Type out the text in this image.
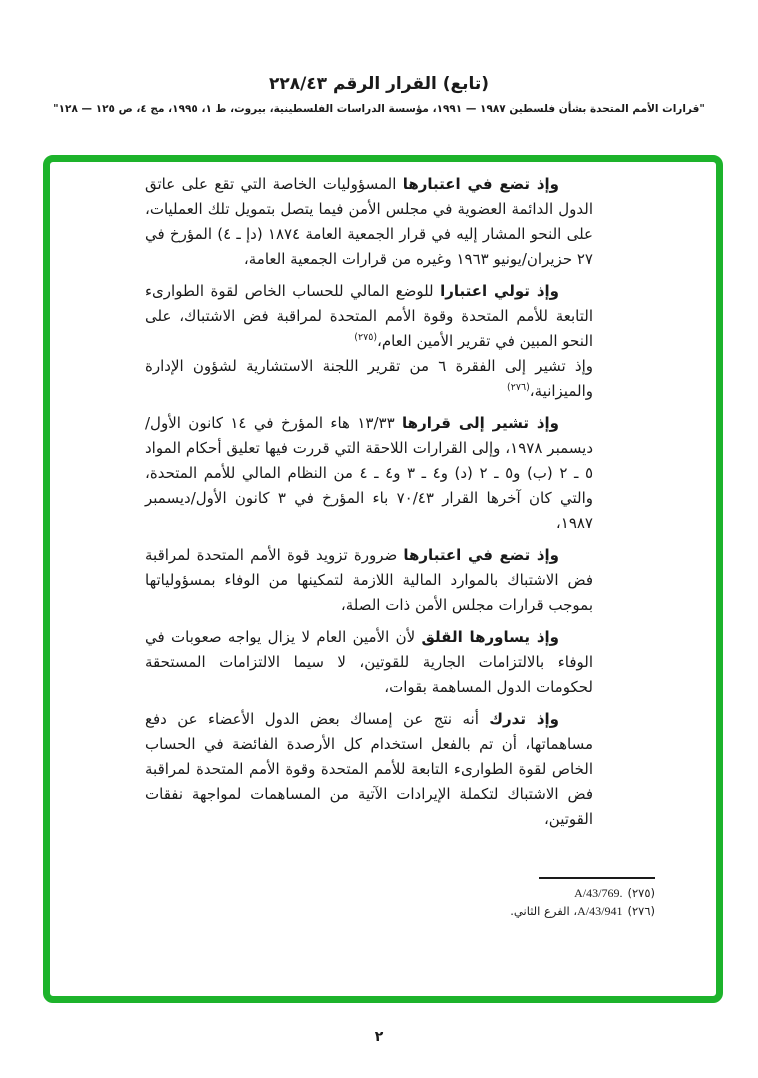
(تابع) القرار الرقم ٢٢٨/٤٣
"قرارات الأمم المتحدة بشأن فلسطين ١٩٨٧ — ١٩٩١، مؤسسة الدراسات الفلسطينية، بيروت، ط ١، ١٩٩٥، مج ٤، ص ١٢٥ — ١٢٨"

وإذ تضع في اعتبارها المسؤوليات الخاصة التي تقع على عاتق الدول الدائمة العضوية في مجلس الأمن فيما يتصل بتمويل تلك العمليات، على النحو المشار إليه في قرار الجمعية العامة ١٨٧٤ (دإ ـ ٤) المؤرخ في ٢٧ حزيران/يونيو ١٩٦٣ وغيره من قرارات الجمعية العامة،

وإذ تولي اعتبارا للوضع المالي للحساب الخاص لقوة الطوارىء التابعة للأمم المتحدة وقوة الأمم المتحدة لمراقبة فض الاشتباك، على النحو المبين في تقرير الأمين العام،$^{(٢٧٥)}$

وإذ تشير إلى الفقرة ٦ من تقرير اللجنة الاستشارية لشؤون الإدارة والميزانية،$^{(٢٧٦)}$

وإذ تشير إلى قرارها ١٣/٣٣ هاء المؤرخ في ١٤ كانون الأول/ديسمبر ١٩٧٨، وإلى القرارات اللاحقة التي قررت فيها تعليق أحكام المواد ٥ ـ ٢ (ب) و٥ ـ ٢ (د) و٤ ـ ٣ و٤ ـ ٤ من النظام المالي للأمم المتحدة، والتي كان آخرها القرار ٧٠/٤٣ باء المؤرخ في ٣ كانون الأول/ديسمبر ١٩٨٧،

وإذ تضع في اعتبارها ضرورة تزويد قوة الأمم المتحدة لمراقبة فض الاشتباك بالموارد المالية اللازمة لتمكينها من الوفاء بمسؤولياتها بموجب قرارات مجلس الأمن ذات الصلة،

وإذ يساورها القلق لأن الأمين العام لا يزال يواجه صعوبات في الوفاء بالالتزامات الجارية للقوتين، لا سيما الالتزامات المستحقة لحكومات الدول المساهمة بقوات،

وإذ تدرك أنه نتج عن إمساك بعض الدول الأعضاء عن دفع مساهماتها، أن تم بالفعل استخدام كل الأرصدة الفائضة في الحساب الخاص لقوة الطوارىء التابعة للأمم المتحدة وقوة الأمم المتحدة لمراقبة فض الاشتباك لتكملة الإيرادات الآتية من المساهمات لمواجهة نفقات القوتين،

(٢٧٥)A/43/769.
(٢٧٦)A/43/941، الفرع الثاني.
٢
